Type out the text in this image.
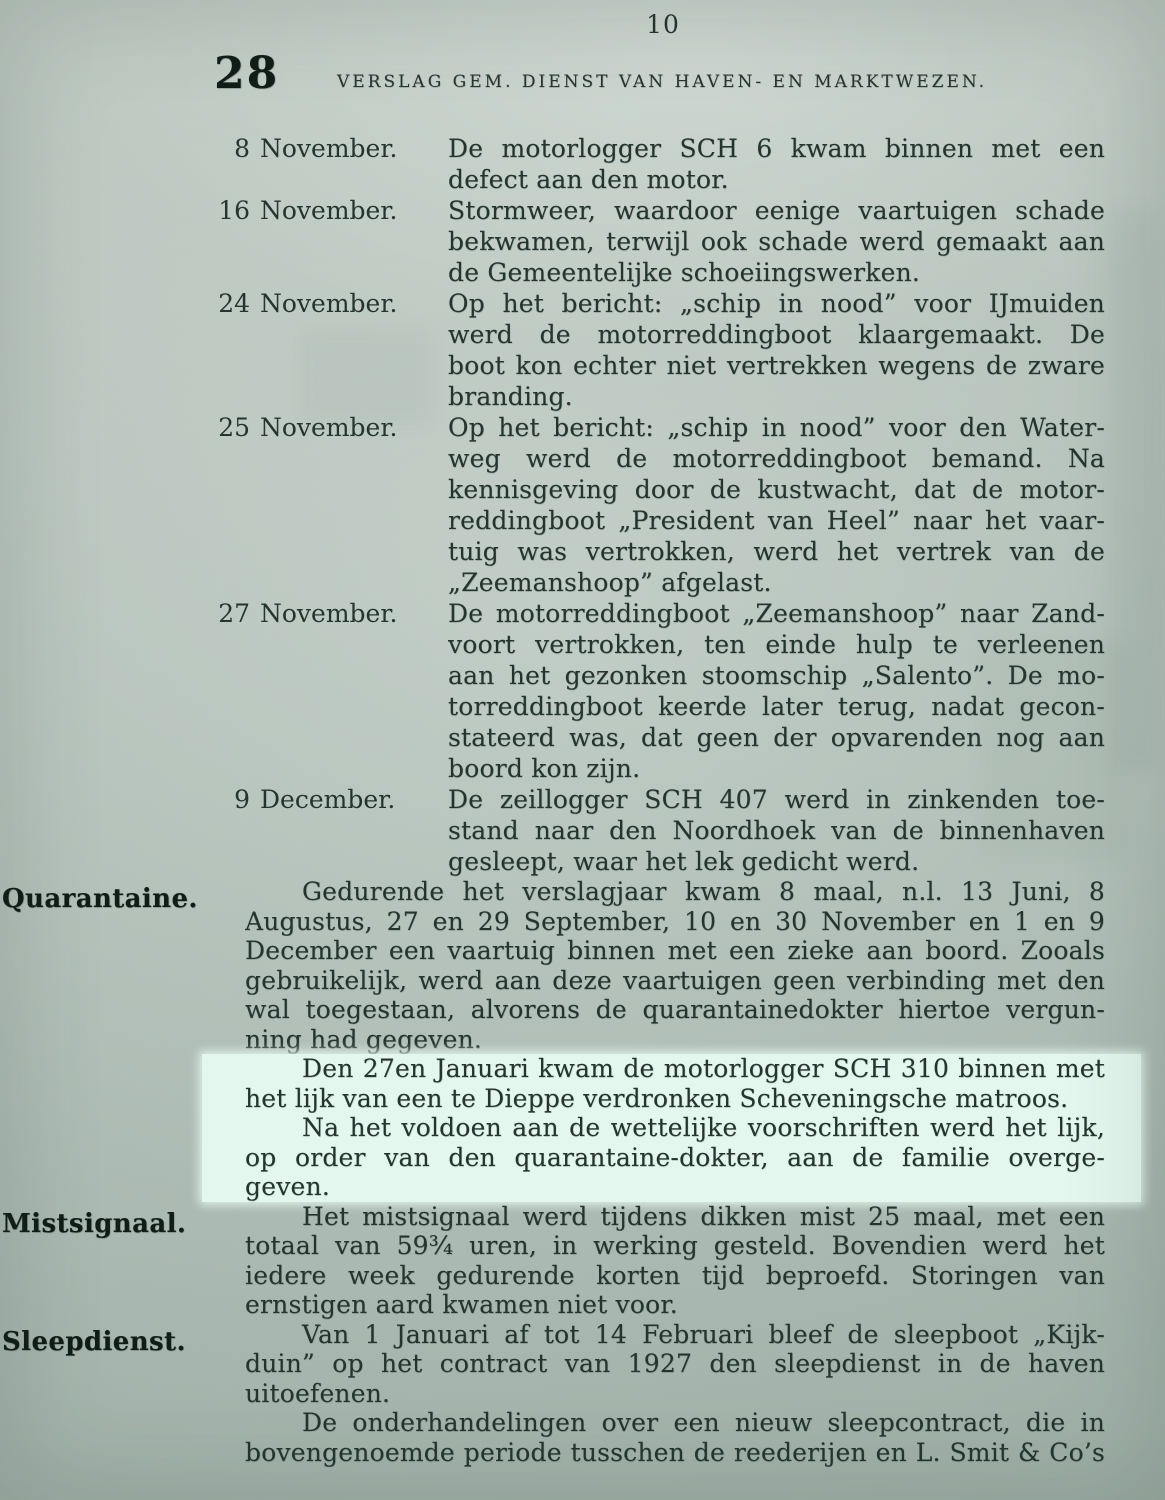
10
28	VERSLAG GEM. DIENST VAN HAVEN- EN MARKTWEZEN.
8 November.	De motorlogger SCH 6 kwam binnen met een
defect aan den motor.
16 November.	Stormweer, waardoor eenige vaartuigen schade
bekwamen, terwijl ook schade werd gemaakt aan
de Gemeentelijke schoeiingswerken.
24 November.	Op het bericht: „schip in nood” voor IJmuiden
werd de motorreddingboot klaargemaakt. De
boot kon echter niet vertrekken wegens de zware
branding.
25 November.	Op het bericht: „schip in nood” voor den Water-
weg werd de motorreddingboot bemand. Na
kennisgeving door de kustwacht, dat de motor-
reddingboot „President van Heel” naar het vaar-
tuig was vertrokken, werd het vertrek van de
„Zeemanshoop” afgelast.
27 November.	De motorreddingboot „Zeemanshoop” naar Zand-
voort vertrokken, ten einde hulp te verleenen
aan het gezonken stoomschip „Salento”. De mo-
torreddingboot keerde later terug, nadat gecon-
stateerd was, dat geen der opvarenden nog aan
boord kon zijn.
9 December.	De zeillogger SCH 407 werd in zinkenden toe-
stand naar den Noordhoek van de binnenhaven
gesleept, waar het lek gedicht werd.
Quarantaine.	Gedurende het verslagjaar kwam 8 maal, n.l. 13 Juni, 8
Augustus, 27 en 29 September, 10 en 30 November en 1 en 9
December een vaartuig binnen met een zieke aan boord. Zooals
gebruikelijk, werd aan deze vaartuigen geen verbinding met den
wal toegestaan, alvorens de quarantainedokter hiertoe vergun-
ning had gegeven.
Den 27en Januari kwam de motorlogger SCH 310 binnen met
het lijk van een te Dieppe verdronken Scheveningsche matroos.
Na het voldoen aan de wettelijke voorschriften werd het lijk,
op order van den quarantaine-dokter, aan de familie overge-
geven.
Mistsignaal.	Het mistsignaal werd tijdens dikken mist 25 maal, met een
totaal van 59¾ uren, in werking gesteld. Bovendien werd het
iedere week gedurende korten tijd beproefd. Storingen van
ernstigen aard kwamen niet voor.
Sleepdienst.	Van 1 Januari af tot 14 Februari bleef de sleepboot „Kijk-
duin” op het contract van 1927 den sleepdienst in de haven
uitoefenen.
De onderhandelingen over een nieuw sleepcontract, die in
bovengenoemde periode tusschen de reederijen en L. Smit & Co’s
